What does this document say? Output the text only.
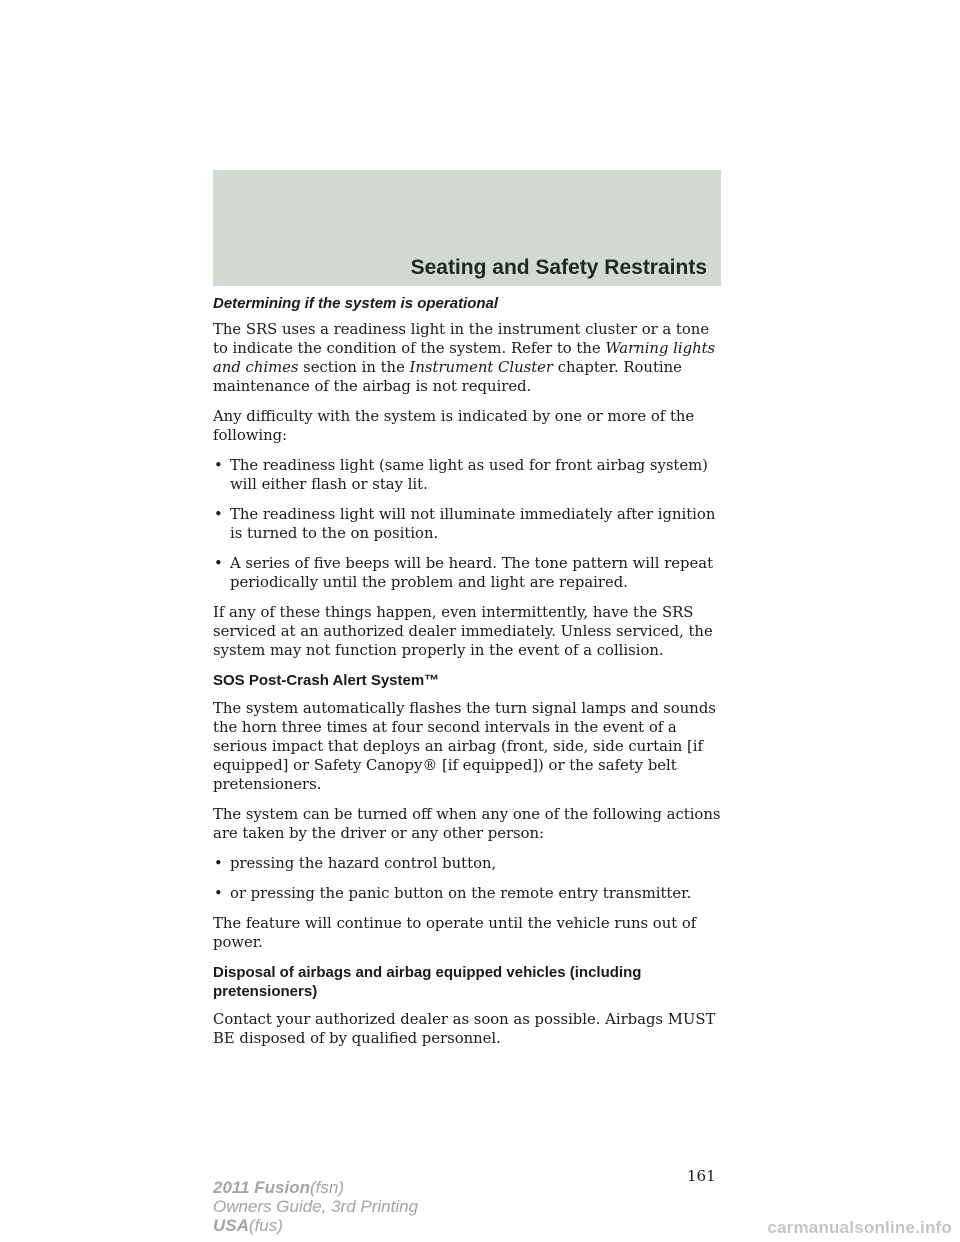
Seating and Safety Restraints
Determining if the system is operational

The SRS uses a readiness light in the instrument cluster or a tone to indicate the condition of the system. Refer to the Warning lights and chimes section in the Instrument Cluster chapter. Routine maintenance of the airbag is not required.

Any difficulty with the system is indicated by one or more of the following:

• The readiness light (same light as used for front airbag system) will either flash or stay lit.
• The readiness light will not illuminate immediately after ignition is turned to the on position.
• A series of five beeps will be heard. The tone pattern will repeat periodically until the problem and light are repaired.

If any of these things happen, even intermittently, have the SRS serviced at an authorized dealer immediately. Unless serviced, the system may not function properly in the event of a collision.

SOS Post-Crash Alert System™

The system automatically flashes the turn signal lamps and sounds the horn three times at four second intervals in the event of a serious impact that deploys an airbag (front, side, side curtain [if equipped] or Safety Canopy® [if equipped]) or the safety belt pretensioners.

The system can be turned off when any one of the following actions are taken by the driver or any other person:

• pressing the hazard control button,
• or pressing the panic button on the remote entry transmitter.

The feature will continue to operate until the vehicle runs out of power.

Disposal of airbags and airbag equipped vehicles (including pretensioners)

Contact your authorized dealer as soon as possible. Airbags MUST BE disposed of by qualified personnel.

161
2011 Fusion(fsn)
Owners Guide, 3rd Printing
USA(fus)	carmanualsonline.info
